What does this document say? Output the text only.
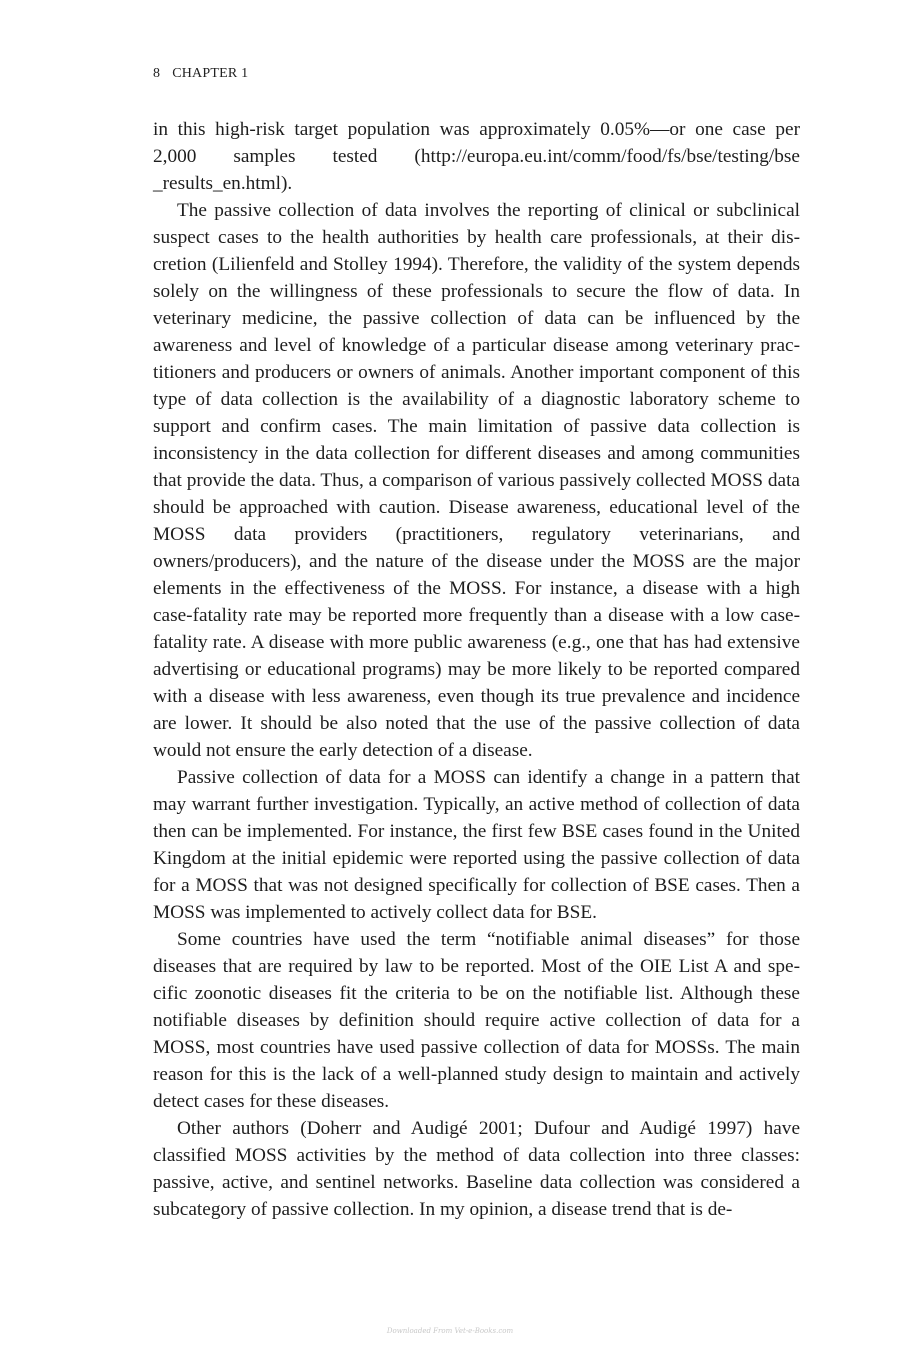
8 CHAPTER 1

in this high-risk target population was approximately 0.05%—or one case per 2,000 samples tested (http://europa.eu.int/comm/food/fs/bse/testing/bse _results_en.html).

The passive collection of data involves the reporting of clinical or subclinical suspect cases to the health authorities by health care professionals, at their discretion (Lilienfeld and Stolley 1994). Therefore, the validity of the system depends solely on the willingness of these professionals to secure the flow of data. In veterinary medicine, the passive collection of data can be influenced by the awareness and level of knowledge of a particular disease among veterinary practitioners and producers or owners of animals. Another important component of this type of data collection is the availability of a diagnostic laboratory scheme to support and confirm cases. The main limitation of passive data collection is inconsistency in the data collection for different diseases and among communities that provide the data. Thus, a comparison of various passively collected MOSS data should be approached with caution. Disease awareness, educational level of the MOSS data providers (practitioners, regulatory veterinarians, and owners/producers), and the nature of the disease under the MOSS are the major elements in the effectiveness of the MOSS. For instance, a disease with a high case-fatality rate may be reported more frequently than a disease with a low case-fatality rate. A disease with more public awareness (e.g., one that has had extensive advertising or educational programs) may be more likely to be reported compared with a disease with less awareness, even though its true prevalence and incidence are lower. It should be also noted that the use of the passive collection of data would not ensure the early detection of a disease.

Passive collection of data for a MOSS can identify a change in a pattern that may warrant further investigation. Typically, an active method of collection of data then can be implemented. For instance, the first few BSE cases found in the United Kingdom at the initial epidemic were reported using the passive collection of data for a MOSS that was not designed specifically for collection of BSE cases. Then a MOSS was implemented to actively collect data for BSE.

Some countries have used the term “notifiable animal diseases” for those diseases that are required by law to be reported. Most of the OIE List A and specific zoonotic diseases fit the criteria to be on the notifiable list. Although these notifiable diseases by definition should require active collection of data for a MOSS, most countries have used passive collection of data for MOSSs. The main reason for this is the lack of a well-planned study design to maintain and actively detect cases for these diseases.

Other authors (Doherr and Audigé 2001; Dufour and Audigé 1997) have classified MOSS activities by the method of data collection into three classes: passive, active, and sentinel networks. Baseline data collection was considered a subcategory of passive collection. In my opinion, a disease trend that is de-

Downloaded From Vet-e-Books.com
